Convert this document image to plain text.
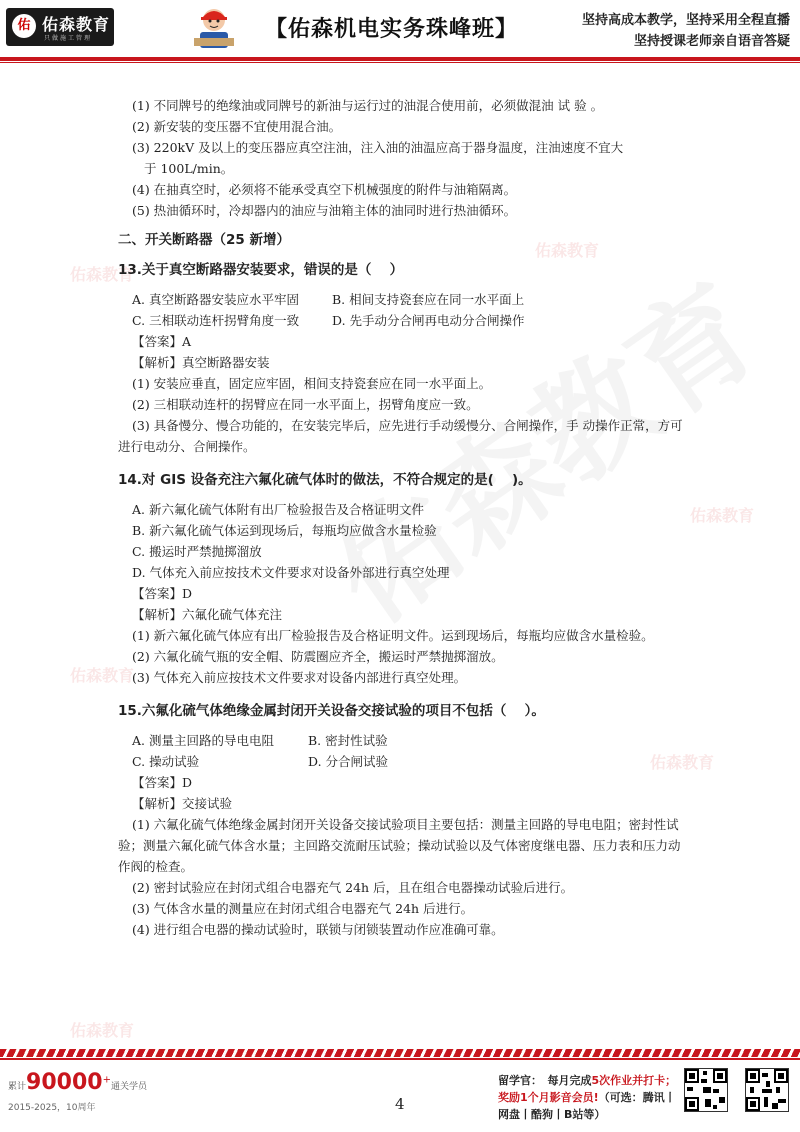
佑 佑森教育
只做施工管理	【佑森机电实务珠峰班】	坚持高成本教学，坚持采用全程直播
坚持授课老师亲自语音答疑
佑森教育
佑森教育
佑森教育
佑森教育
佑森教育
佑森教育

(1) 不同牌号的绝缘油或同牌号的新油与运行过的油混合使用前，必须做混油 试 验 。

(2) 新安装的变压器不宜使用混合油。

(3) 220kV 及以上的变压器应真空注油，注入油的油温应高于器身温度，注油速度不宜大

于 100L/min。

(4) 在抽真空时，必须将不能承受真空下机械强度的附件与油箱隔离。

(5) 热油循环时，冷却器内的油应与油箱主体的油同时进行热油循环。

二、开关断路器（25 新增）
13.关于真空断路器安装要求，错误的是（　 ）
A. 真空断路器安装应水平牢固	B. 相间支持瓷套应在同一水平面上
C. 三相联动连杆拐臂角度一致	D. 先手动分合闸再电动分合闸操作
【答案】A
【解析】真空断路器安装
(1) 安装应垂直，固定应牢固，相间支持瓷套应在同一水平面上。
(2) 三相联动连杆的拐臂应在同一水平面上，拐臂角度应一致。
(3) 具备慢分、慢合功能的，在安装完毕后，应先进行手动缓慢分、合闸操作，手 动操作正常，方可进行电动分、合闸操作。
14.对 GIS 设备充注六氟化硫气体时的做法，不符合规定的是(　 )。
A. 新六氟化硫气体附有出厂检验报告及合格证明文件
B. 新六氟化硫气体运到现场后，每瓶均应做含水量检验
C. 搬运时严禁抛掷溜放
D. 气体充入前应按技术文件要求对设备外部进行真空处理
【答案】D
【解析】六氟化硫气体充注
(1) 新六氟化硫气体应有出厂检验报告及合格证明文件。运到现场后，每瓶均应做含水量检验。
(2) 六氟化硫气瓶的安全帽、防震圈应齐全，搬运时严禁抛掷溜放。
(3) 气体充入前应按技术文件要求对设备内部进行真空处理。
15.六氟化硫气体绝缘金属封闭开关设备交接试验的项目不包括（　 ）。
A. 测量主回路的导电电阻	B. 密封性试验
C. 操动试验	D. 分合闸试验
【答案】D
【解析】交接试验
(1) 六氟化硫气体绝缘金属封闭开关设备交接试验项目主要包括：测量主回路的导电电阻；密封性试验；测量六氟化硫气体含水量；主回路交流耐压试验；操动试验以及气体密度继电器、压力表和压力动作阀的检查。
(2) 密封试验应在封闭式组合电器充气 24h 后，且在组合电器操动试验后进行。
(3) 气体含水量的测量应在封闭式组合电器充气 24h 后进行。
(4) 进行组合电器的操动试验时，联锁与闭锁装置动作应准确可靠。
累计90000+通关学员
2015-2025，10周年	4
留学官：　每月完成5次作业并打卡；
奖励1个月影音会员!（可选：腾讯丨
网盘丨酷狗丨B站等）
